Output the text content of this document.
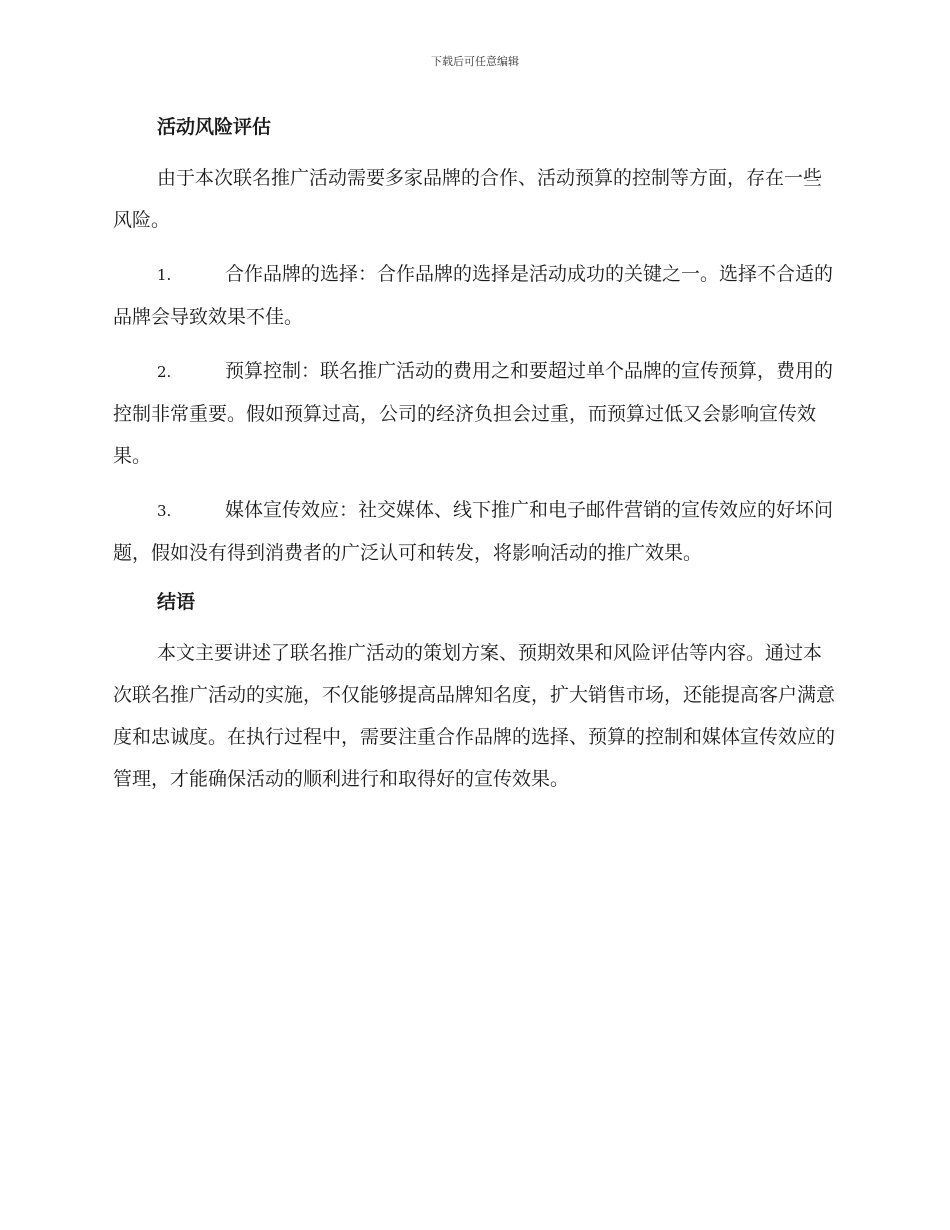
下载后可任意编辑
活动风险评估

由于本次联名推广活动需要多家品牌的合作、活动预算的控制等方面，存在一些风险。

1.	合作品牌的选择：合作品牌的选择是活动成功的关键之一。选择不合适的品牌会导致效果不佳。

2.	预算控制：联名推广活动的费用之和要超过单个品牌的宣传预算，费用的控制非常重要。假如预算过高，公司的经济负担会过重，而预算过低又会影响宣传效果。

3.	媒体宣传效应：社交媒体、线下推广和电子邮件营销的宣传效应的好坏问题，假如没有得到消费者的广泛认可和转发，将影响活动的推广效果。

结语

本文主要讲述了联名推广活动的策划方案、预期效果和风险评估等内容。通过本次联名推广活动的实施，不仅能够提高品牌知名度，扩大销售市场，还能提高客户满意度和忠诚度。在执行过程中，需要注重合作品牌的选择、预算的控制和媒体宣传效应的管理，才能确保活动的顺利进行和取得好的宣传效果。
